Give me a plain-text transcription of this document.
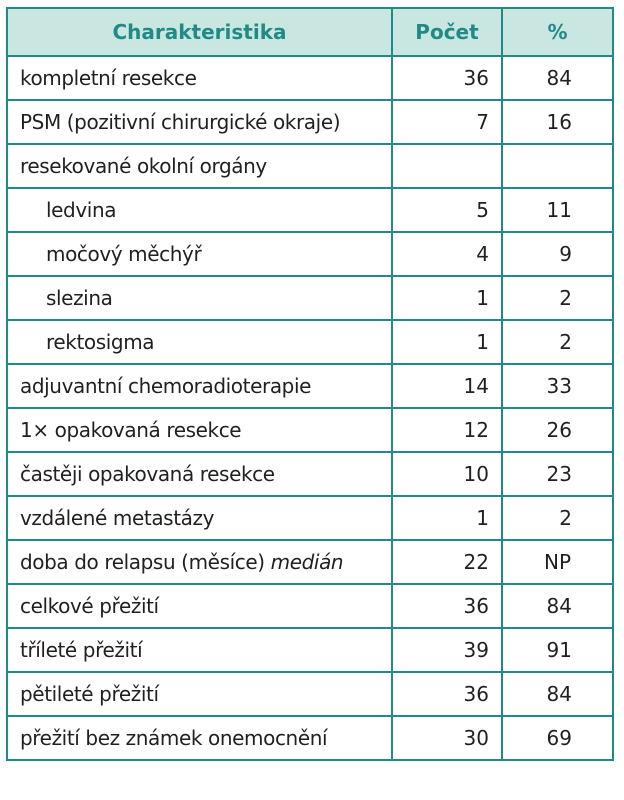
Charakteristika	Počet	%
kompletní resekce	36	84
PSM (pozitivní chirurgické okraje)	7	16
resekované okolní orgány		
ledvina	5	11
močový měchýř	4	9
slezina	1	2
rektosigma	1	2
adjuvantní chemoradioterapie	14	33
1× opakovaná resekce	12	26
častěji opakovaná resekce	10	23
vzdálené metastázy	1	2
doba do relapsu (měsíce) medián	22	NP
celkové přežití	36	84
tříleté přežití	39	91
pětileté přežití	36	84
přežití bez známek onemocnění	30	69
